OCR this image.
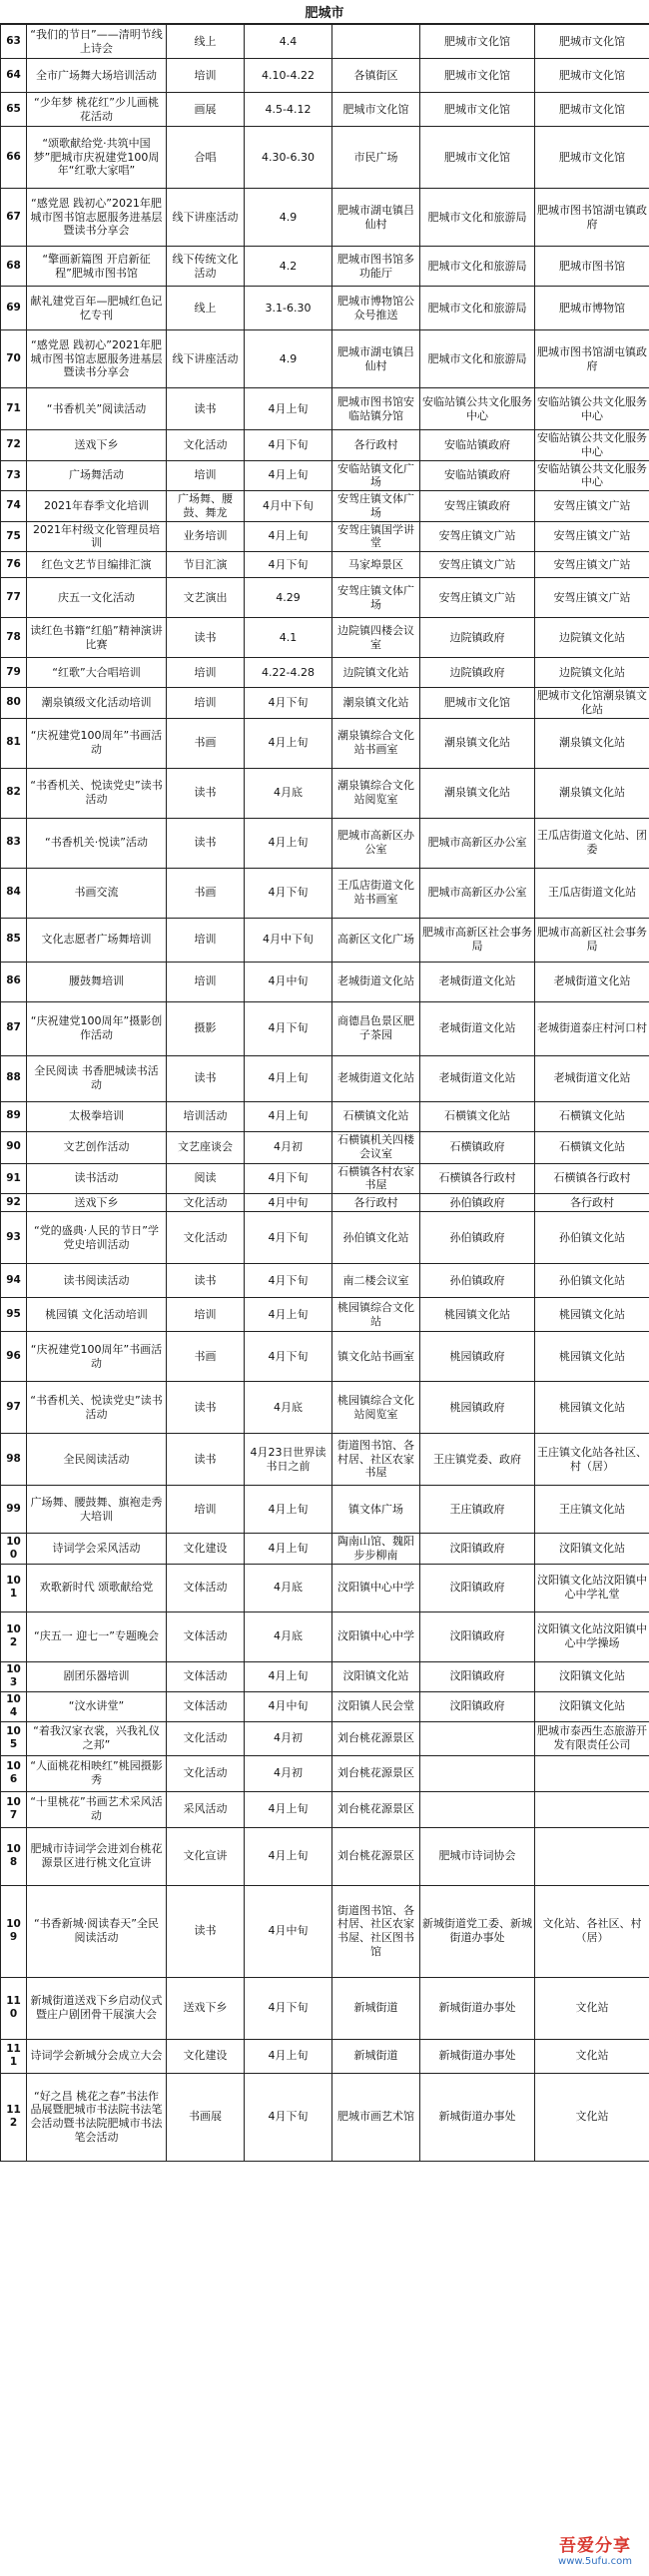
肥城市
63	“我们的节日”——清明节线上诗会	线上	4.4		肥城市文化馆	肥城市文化馆
64	全市广场舞大场培训活动	培训	4.10-4.22	各镇街区	肥城市文化馆	肥城市文化馆
65	“少年梦 桃花红”少儿画桃花活动	画展	4.5-4.12	肥城市文化馆	肥城市文化馆	肥城市文化馆
66	“颂歌献给党·共筑中国梦”肥城市庆祝建党100周年“红歌大家唱”	合唱	4.30-6.30	市民广场	肥城市文化馆	肥城市文化馆
67	“感党恩 践初心”2021年肥城市图书馆志愿服务进基层暨读书分享会	线下讲座活动	4.9	肥城市湖屯镇吕仙村	肥城市文化和旅游局	肥城市图书馆湖屯镇政府
68	“擎画新篇图 开启新征程”肥城市图书馆	线下传统文化活动	4.2	肥城市图书馆多功能厅	肥城市文化和旅游局	肥城市图书馆
69	献礼建党百年—肥城红色记忆专刊	线上	3.1-6.30	肥城市博物馆公众号推送	肥城市文化和旅游局	肥城市博物馆
70	“感党恩 践初心”2021年肥城市图书馆志愿服务进基层暨读书分享会	线下讲座活动	4.9	肥城市湖屯镇吕仙村	肥城市文化和旅游局	肥城市图书馆湖屯镇政府
71	“书香机关”阅读活动	读书	4月上旬	肥城市图书馆安临站镇分馆	安临站镇公共文化服务中心	安临站镇公共文化服务中心
72	送戏下乡	文化活动	4月下旬	各行政村	安临站镇政府	安临站镇公共文化服务中心
73	广场舞活动	培训	4月上旬	安临站镇文化广场	安临站镇政府	安临站镇公共文化服务中心
74	2021年春季文化培训	广场舞、腰鼓、舞龙	4月中下旬	安驾庄镇文体广场	安驾庄镇政府	安驾庄镇文广站
75	2021年村级文化管理员培训	业务培训	4月上旬	安驾庄镇国学讲堂	安驾庄镇文广站	安驾庄镇文广站
76	红色文艺节目编排汇演	节目汇演	4月下旬	马家埠景区	安驾庄镇文广站	安驾庄镇文广站
77	庆五一文化活动	文艺演出	4.29	安驾庄镇文体广场	安驾庄镇文广站	安驾庄镇文广站
78	读红色书籍“红船”精神演讲比赛	读书	4.1	边院镇四楼会议室	边院镇政府	边院镇文化站
79	“红歌”大合唱培训	培训	4.22-4.28	边院镇文化站	边院镇政府	边院镇文化站
80	潮泉镇级文化活动培训	培训	4月下旬	潮泉镇文化站	肥城市文化馆	肥城市文化馆潮泉镇文化站
81	“庆祝建党100周年”书画活动	书画	4月上旬	潮泉镇综合文化站书画室	潮泉镇文化站	潮泉镇文化站
82	“书香机关、悦读党史”读书活动	读书	4月底	潮泉镇综合文化站阅览室	潮泉镇文化站	潮泉镇文化站
83	“书香机关·悦读”活动	读书	4月上旬	肥城市高新区办公室	肥城市高新区办公室	王瓜店街道文化站、团委
84	书画交流	书画	4月下旬	王瓜店街道文化站书画室	肥城市高新区办公室	王瓜店街道文化站
85	文化志愿者广场舞培训	培训	4月中下旬	高新区文化广场	肥城市高新区社会事务局	肥城市高新区社会事务局
86	腰鼓舞培训	培训	4月中旬	老城街道文化站	老城街道文化站	老城街道文化站
87	“庆祝建党100周年”摄影创作活动	摄影	4月下旬	商德昌色景区肥子茶园	老城街道文化站	老城街道泰庄村河口村
88	全民阅读 书香肥城读书活动	读书	4月上旬	老城街道文化站	老城街道文化站	老城街道文化站
89	太极拳培训	培训活动	4月上旬	石横镇文化站	石横镇文化站	石横镇文化站
90	文艺创作活动	文艺座谈会	4月初	石横镇机关四楼会议室	石横镇政府	石横镇文化站
91	读书活动	阅读	4月下旬	石横镇各村农家书屋	石横镇各行政村	石横镇各行政村
92	送戏下乡	文化活动	4月中旬	各行政村	孙伯镇政府	各行政村
93	“党的盛典·人民的节日”学党史培训活动	文化活动	4月下旬	孙伯镇文化站	孙伯镇政府	孙伯镇文化站
94	读书阅读活动	读书	4月下旬	南二楼会议室	孙伯镇政府	孙伯镇文化站
95	桃园镇 文化活动培训	培训	4月上旬	桃园镇综合文化站	桃园镇文化站	桃园镇文化站
96	“庆祝建党100周年”书画活动	书画	4月下旬	镇文化站书画室	桃园镇政府	桃园镇文化站
97	“书香机关、悦读党史”读书活动	读书	4月底	桃园镇综合文化站阅览室	桃园镇政府	桃园镇文化站
98	全民阅读活动	读书	4月23日世界读书日之前	街道图书馆、各村居、社区农家书屋	王庄镇党委、政府	王庄镇文化站各社区、村（居）
99	广场舞、腰鼓舞、旗袍走秀大培训	培训	4月上旬	镇文体广场	王庄镇政府	王庄镇文化站
100	诗词学会采风活动	文化建设	4月上旬	陶南山馆、魏阳步步柳南	汶阳镇政府	汶阳镇文化站
101	欢歌新时代 颂歌献给党	文体活动	4月底	汶阳镇中心中学	汶阳镇政府	汶阳镇文化站汶阳镇中心中学礼堂
102	“庆五一 迎七一”专题晚会	文体活动	4月底	汶阳镇中心中学	汶阳镇政府	汶阳镇文化站汶阳镇中心中学操场
103	剧团乐器培训	文体活动	4月上旬	汶阳镇文化站	汶阳镇政府	汶阳镇文化站
104	“汶水讲堂”	文体活动	4月中旬	汶阳镇人民会堂	汶阳镇政府	汶阳镇文化站
105	“着我汉家衣裳，兴我礼仪之邦”	文化活动	4月初	刘台桃花源景区		肥城市泰西生态旅游开发有限责任公司
106	“人面桃花相映红”桃园摄影秀	文化活动	4月初	刘台桃花源景区		
107	“十里桃花”书画艺术采风活动	采风活动	4月上旬	刘台桃花源景区		
108	肥城市诗词学会进刘台桃花源景区进行桃文化宣讲	文化宣讲	4月上旬	刘台桃花源景区	肥城市诗词协会	
109	“书香新城·阅读春天”全民阅读活动	读书	4月中旬	街道图书馆、各村居、社区农家书屋、社区图书馆	新城街道党工委、新城街道办事处	文化站、各社区、村（居）
110	新城街道送戏下乡启动仪式暨庄户剧团骨干展演大会	送戏下乡	4月下旬	新城街道	新城街道办事处	文化站
111	诗词学会新城分会成立大会	文化建设	4月上旬	新城街道	新城街道办事处	文化站
112	“好之昌 桃花之春”书法作品展暨肥城市书法院书法笔会活动暨书法院肥城市书法笔会活动	书画展	4月下旬	肥城市画艺术馆	新城街道办事处	文化站
吾爱分享
www.5ufu.com
